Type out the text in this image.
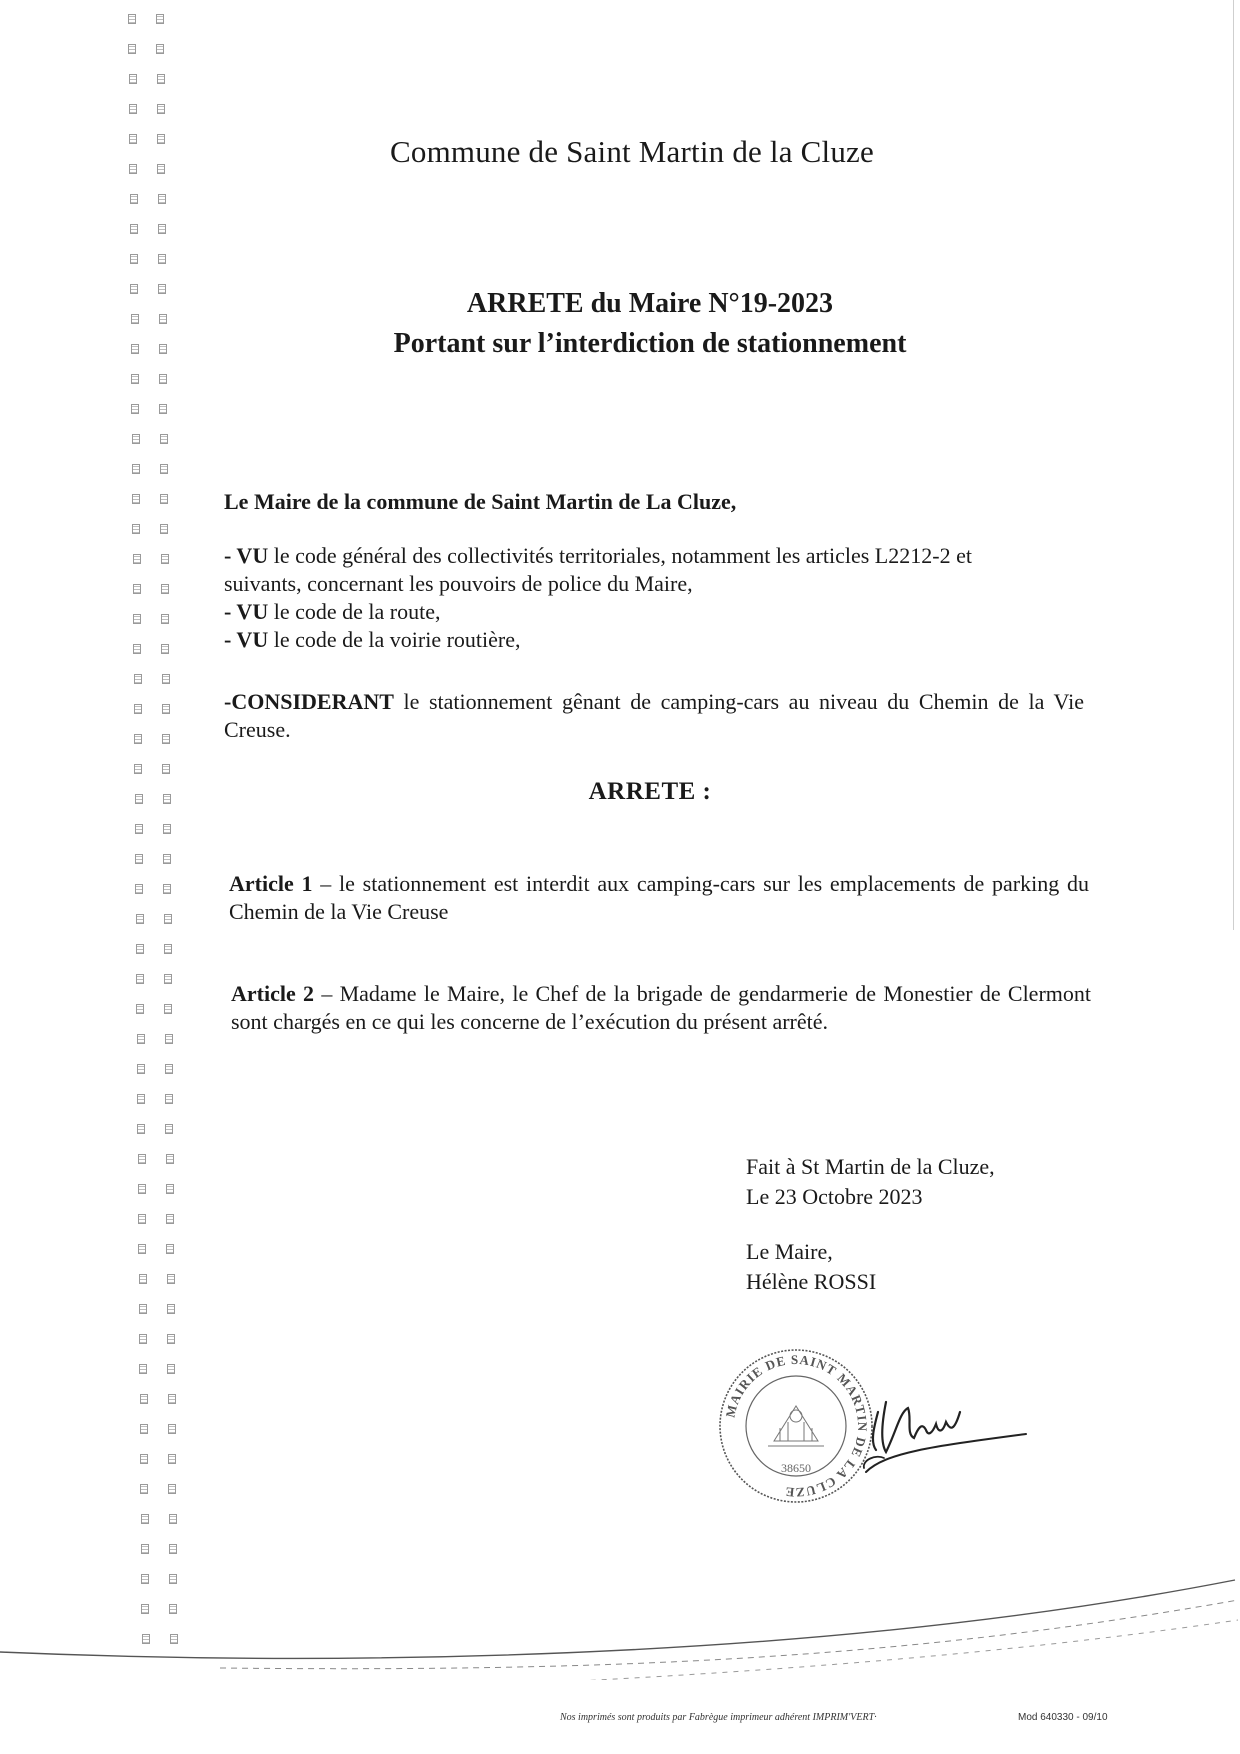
Commune de Saint Martin de la Cluze
ARRETE du Maire N°19-2023
Portant sur l’interdiction de stationnement
Le Maire de la commune de Saint Martin de La Cluze,
- VU le code général des collectivités territoriales, notamment les articles L2212-2 et
suivants, concernant les pouvoirs de police du Maire,
- VU le code de la route,
- VU le code de la voirie routière,
-CONSIDERANT le stationnement gênant de camping-cars au niveau du Chemin de la Vie Creuse.
ARRETE :
Article 1 – le stationnement est interdit aux camping-cars sur les emplacements de parking du Chemin de la Vie Creuse
Article 2 – Madame le Maire, le Chef de la brigade de gendarmerie de Monestier de Clermont sont chargés en ce qui les concerne de l’exécution du présent arrêté.
Fait à St Martin de la Cluze,
Le 23 Octobre 2023
Le Maire,
Hélène ROSSI
MAIRIE DE SAINT MARTIN DE LA CLUZE
38650
Nos imprimés sont produits par Fabrègue imprimeur adhérent IMPRIM'VERT·	Mod 640330 - 09/10
